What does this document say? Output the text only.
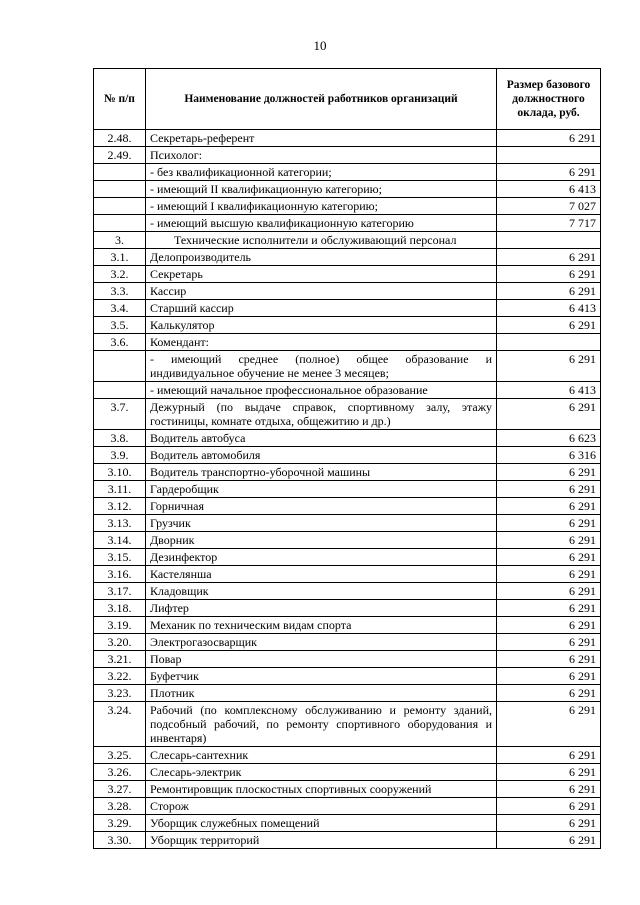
10
№ п/п	Наименование должностей работников организаций	Размер базового должностного оклада, руб.
2.48.	Секретарь-референт	6 291
2.49.	Психолог:	
	- без квалификационной категории;	6 291
	- имеющий II квалификационную категорию;	6 413
	- имеющий I квалификационную категорию;	7 027
	- имеющий высшую квалификационную категорию	7 717
3.	Технические исполнители и обслуживающий персонал	
3.1.	Делопроизводитель	6 291
3.2.	Секретарь	6 291
3.3.	Кассир	6 291
3.4.	Старший кассир	6 413
3.5.	Калькулятор	6 291
3.6.	Комендант:	
	- имеющий среднее (полное) общее образование и индивидуальное обучение не менее 3 месяцев;	6 291
	- имеющий начальное профессиональное образование	6 413
3.7.	Дежурный (по выдаче справок, спортивному залу, этажу гостиницы, комнате отдыха, общежитию и др.)	6 291
3.8.	Водитель автобуса	6 623
3.9.	Водитель автомобиля	6 316
3.10.	Водитель транспортно-уборочной машины	6 291
3.11.	Гардеробщик	6 291
3.12.	Горничная	6 291
3.13.	Грузчик	6 291
3.14.	Дворник	6 291
3.15.	Дезинфектор	6 291
3.16.	Кастелянша	6 291
3.17.	Кладовщик	6 291
3.18.	Лифтер	6 291
3.19.	Механик по техническим видам спорта	6 291
3.20.	Электрогазосварщик	6 291
3.21.	Повар	6 291
3.22.	Буфетчик	6 291
3.23.	Плотник	6 291
3.24.	Рабочий (по комплексному обслуживанию и ремонту зданий, подсобный рабочий, по ремонту спортивного оборудования и инвентаря)	6 291
3.25.	Слесарь-сантехник	6 291
3.26.	Слесарь-электрик	6 291
3.27.	Ремонтировщик плоскостных спортивных сооружений	6 291
3.28.	Сторож	6 291
3.29.	Уборщик служебных помещений	6 291
3.30.	Уборщик территорий	6 291
